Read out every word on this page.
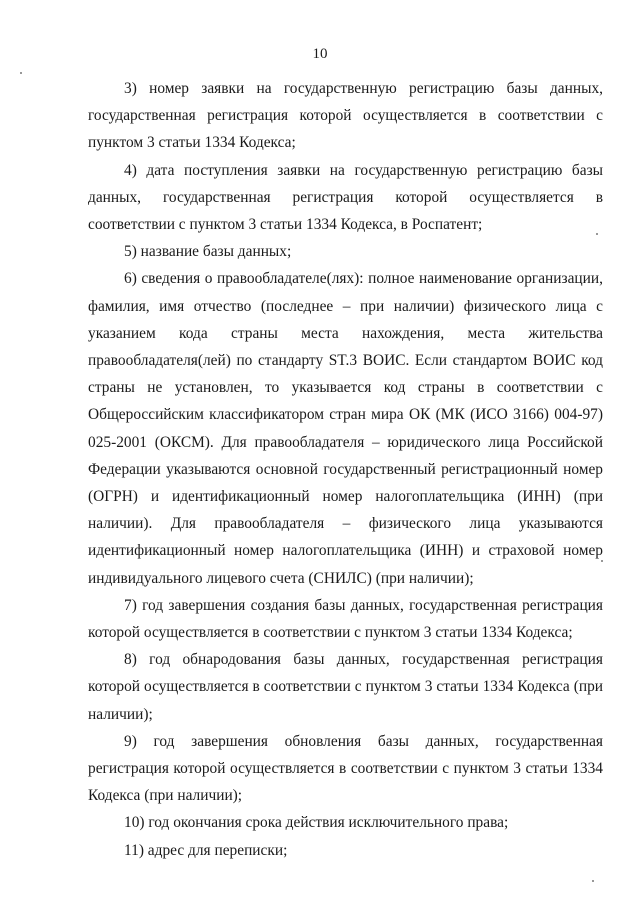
10

3) номер заявки на государственную регистрацию базы данных, государственная регистрация которой осуществляется в соответствии с пунктом 3 статьи 1334 Кодекса;

4) дата поступления заявки на государственную регистрацию базы данных, государственная регистрация которой осуществляется в соответствии с пунктом 3 статьи 1334 Кодекса, в Роспатент;

5) название базы данных;

6) сведения о правообладателе(лях): полное наименование организации, фамилия, имя отчество (последнее – при наличии) физического лица с указанием кода страны места нахождения, места жительства правообладателя(лей) по стандарту ST.3 ВОИС. Если стандартом ВОИС код страны не установлен, то указывается код страны в соответствии с Общероссийским классификатором стран мира ОК (МК (ИСО 3166) 004-97) 025-2001 (ОКСМ). Для правообладателя – юридического лица Российской Федерации указываются основной государственный регистрационный номер (ОГРН) и идентификационный номер налогоплательщика (ИНН) (при наличии). Для правообладателя – физического лица указываются идентификационный номер налогоплательщика (ИНН) и страховой номер индивидуального лицевого счета (СНИЛС) (при наличии);

7) год завершения создания базы данных, государственная регистрация которой осуществляется в соответствии с пунктом 3 статьи 1334 Кодекса;

8) год обнародования базы данных, государственная регистрация которой осуществляется в соответствии с пунктом 3 статьи 1334 Кодекса (при наличии);

9) год завершения обновления базы данных, государственная регистрация которой осуществляется в соответствии с пунктом 3 статьи 1334 Кодекса (при наличии);

10) год окончания срока действия исключительного права;

11) адрес для переписки;
